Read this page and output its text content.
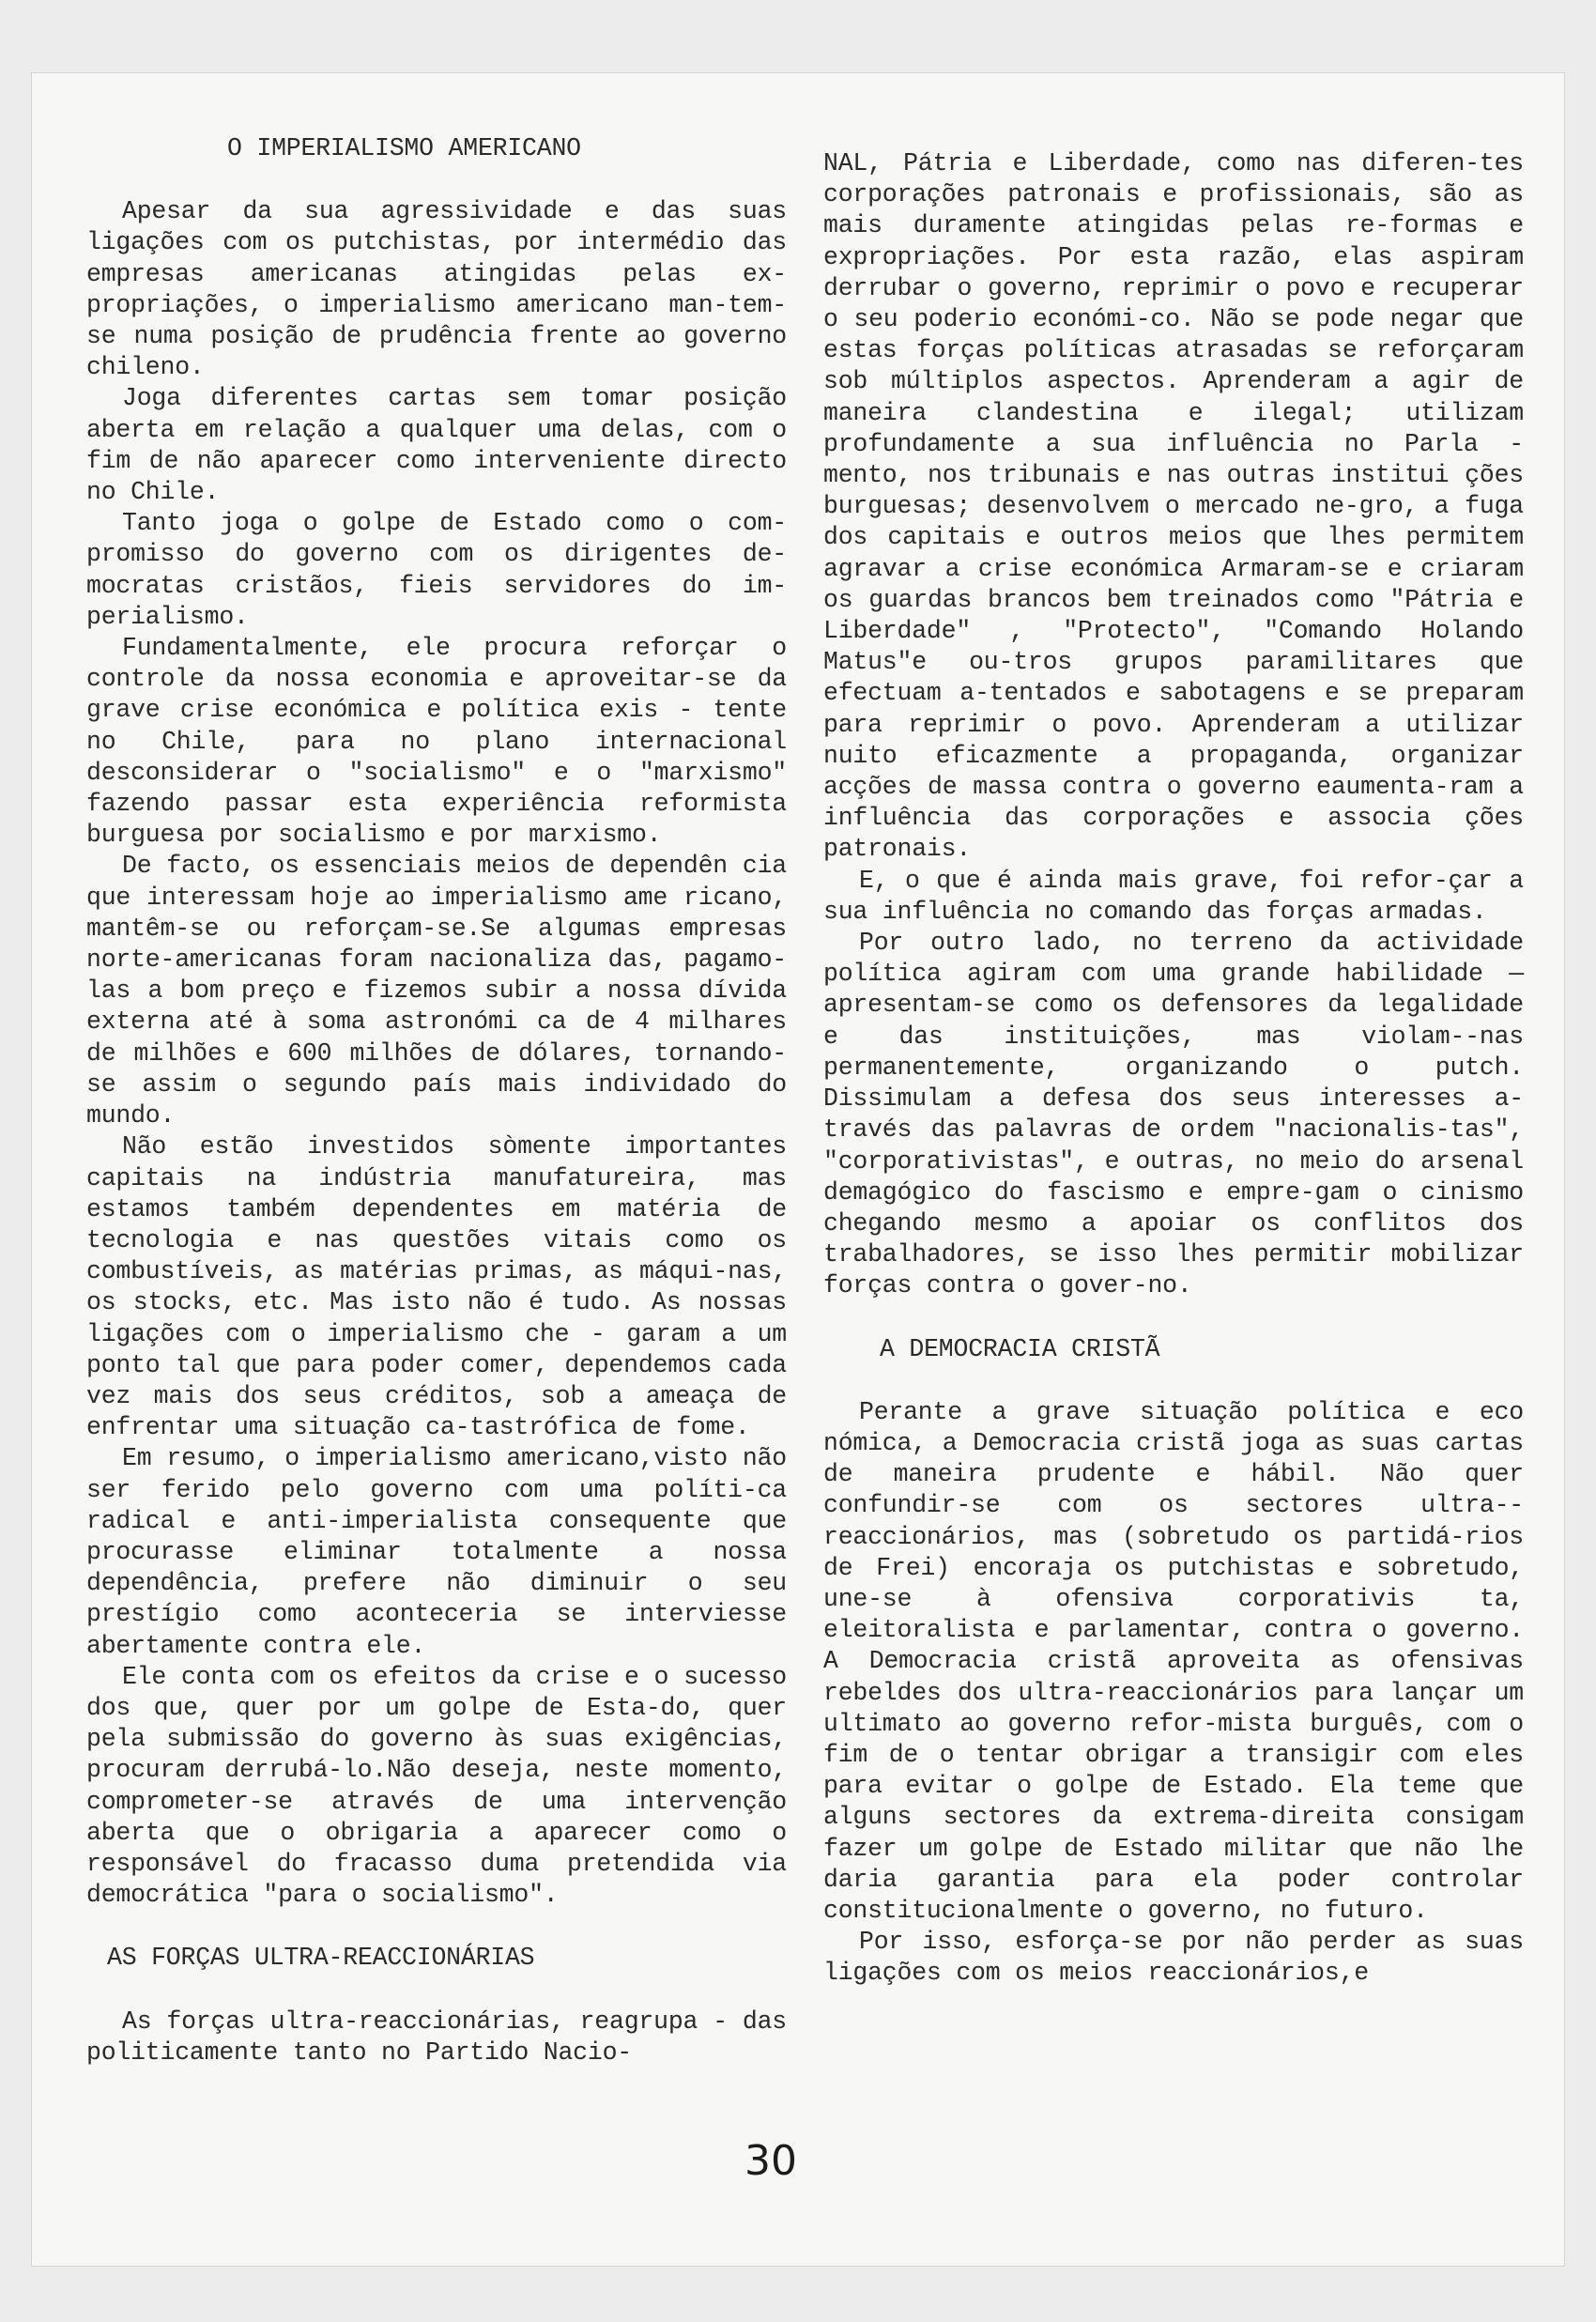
O IMPERIALISMO AMERICANO

Apesar da sua agressividade e das suas ligações com os putchistas, por intermédio das empresas americanas atingidas pelas ex-propriações, o imperialismo americano man-tem-se numa posição de prudência frente ao governo chileno.

Joga diferentes cartas sem tomar posição aberta em relação a qualquer uma delas, com o fim de não aparecer como interveniente directo no Chile.

Tanto joga o golpe de Estado como o com-promisso do governo com os dirigentes de-mocratas cristãos, fieis servidores do im-perialismo.

Fundamentalmente, ele procura reforçar o controle da nossa economia e aproveitar-se da grave crise económica e política exis - tente no Chile, para no plano internacional desconsiderar o "socialismo" e o "marxismo" fazendo passar esta experiência reformista burguesa por socialismo e por marxismo.

De facto, os essenciais meios de dependên cia que interessam hoje ao imperialismo ame ricano, mantêm-se ou reforçam-se.Se algumas empresas norte-americanas foram nacionaliza das, pagamo-las a bom preço e fizemos subir a nossa dívida externa até à soma astronómi ca de 4 milhares de milhões e 600 milhões de dólares, tornando-se assim o segundo país mais individado do mundo.

Não estão investidos sòmente importantes capitais na indústria manufatureira, mas estamos também dependentes em matéria de tecnologia e nas questões vitais como os combustíveis, as matérias primas, as máqui-nas, os stocks, etc. Mas isto não é tudo. As nossas ligações com o imperialismo che - garam a um ponto tal que para poder comer, dependemos cada vez mais dos seus créditos, sob a ameaça de enfrentar uma situação ca-tastrófica de fome.

Em resumo, o imperialismo americano,visto não ser ferido pelo governo com uma políti-ca radical e anti-imperialista consequente que procurasse eliminar totalmente a nossa dependência, prefere não diminuir o seu prestígio como aconteceria se interviesse abertamente contra ele.

Ele conta com os efeitos da crise e o sucesso dos que, quer por um golpe de Esta-do, quer pela submissão do governo às suas exigências, procuram derrubá-lo.Não deseja, neste momento, comprometer-se através de uma intervenção aberta que o obrigaria a aparecer como o responsável do fracasso duma pretendida via democrática "para o socialismo".

AS FORÇAS ULTRA-REACCIONÁRIAS

As forças ultra-reaccionárias, reagrupa - das politicamente tanto no Partido Nacio-

NAL, Pátria e Liberdade, como nas diferen-tes corporações patronais e profissionais, são as mais duramente atingidas pelas re-formas e expropriações. Por esta razão, elas aspiram derrubar o governo, reprimir o povo e recuperar o seu poderio económi-co. Não se pode negar que estas forças políticas atrasadas se reforçaram sob múltiplos aspectos. Aprenderam a agir de maneira clandestina e ilegal; utilizam profundamente a sua influência no Parla - mento, nos tribunais e nas outras institui ções burguesas; desenvolvem o mercado ne-gro, a fuga dos capitais e outros meios que lhes permitem agravar a crise económica Armaram-se e criaram os guardas brancos bem treinados como "Pátria e Liberdade" , "Protecto", "Comando Holando Matus"e ou-tros grupos paramilitares que efectuam a-tentados e sabotagens e se preparam para reprimir o povo. Aprenderam a utilizar nuito eficazmente a propaganda, organizar acções de massa contra o governo eaumenta-ram a influência das corporações e associa ções patronais.

E, o que é ainda mais grave, foi refor-çar a sua influência no comando das forças armadas.

Por outro lado, no terreno da actividade política agiram com uma grande habilidade — apresentam-se como os defensores da legalidade e das instituições, mas violam--nas permanentemente, organizando o putch. Dissimulam a defesa dos seus interesses a-través das palavras de ordem "nacionalis-tas", "corporativistas", e outras, no meio do arsenal demagógico do fascismo e empre-gam o cinismo chegando mesmo a apoiar os conflitos dos trabalhadores, se isso lhes permitir mobilizar forças contra o gover-no.

A DEMOCRACIA CRISTÃ

Perante a grave situação política e eco nómica, a Democracia cristã joga as suas cartas de maneira prudente e hábil. Não quer confundir-se com os sectores ultra--reaccionários, mas (sobretudo os partidá-rios de Frei) encoraja os putchistas e sobretudo, une-se à ofensiva corporativis ta, eleitoralista e parlamentar, contra o governo. A Democracia cristã aproveita as ofensivas rebeldes dos ultra-reaccionários para lançar um ultimato ao governo refor-mista burguês, com o fim de o tentar obrigar a transigir com eles para evitar o golpe de Estado. Ela teme que alguns sectores da extrema-direita consigam fazer um golpe de Estado militar que não lhe daria garantia para ela poder controlar constitucionalmente o governo, no futuro.

Por isso, esforça-se por não perder as suas ligações com os meios reaccionários,e

30
